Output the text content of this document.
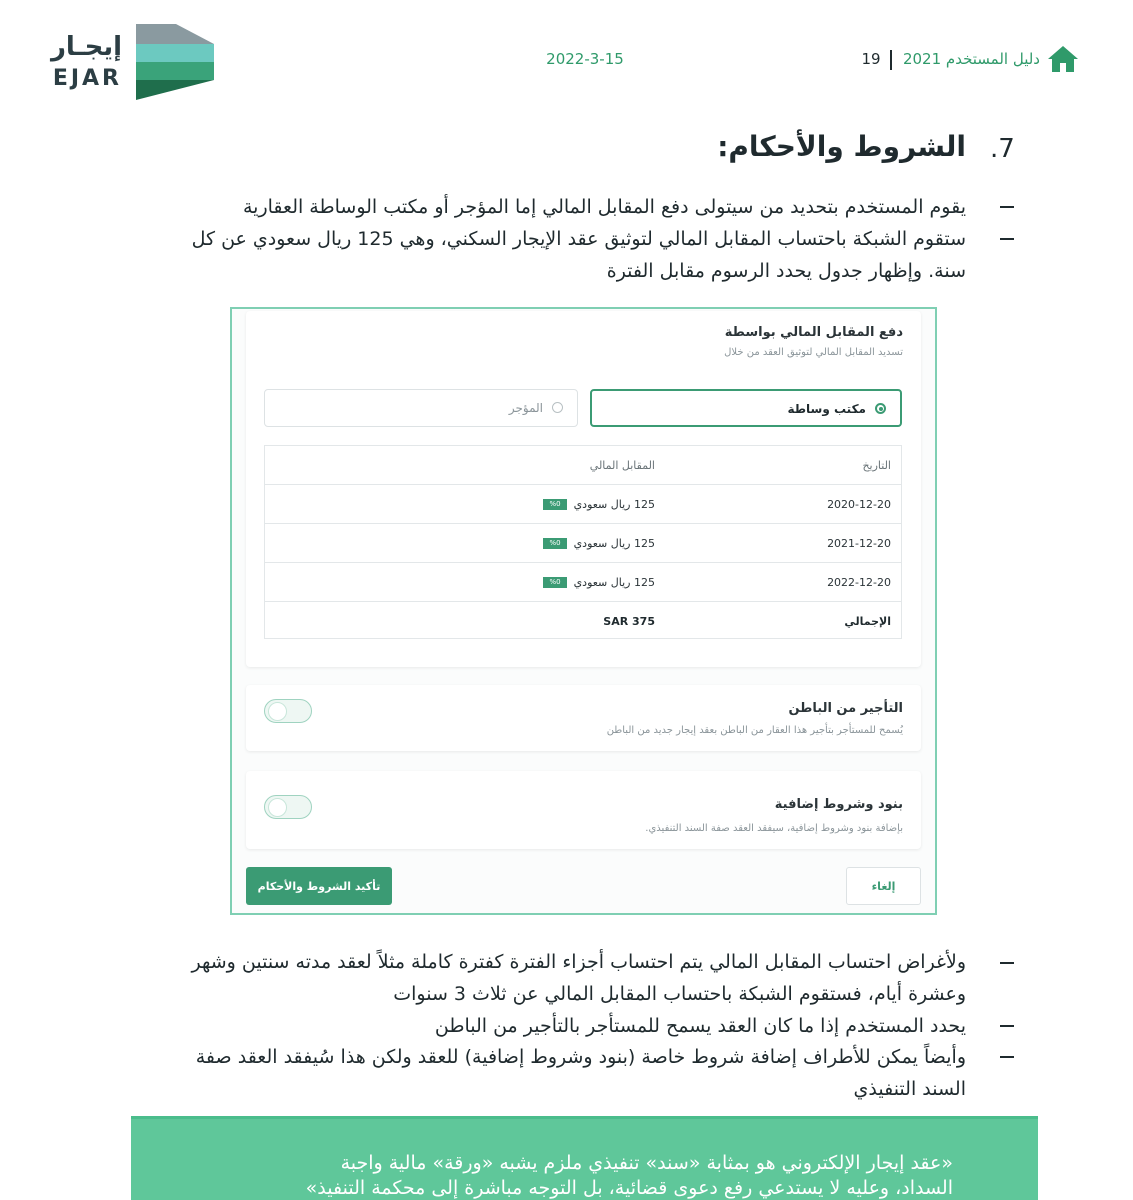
دليل المستخدم 2021
19
2022-3-15
إيجـار
EJAR
.7
الشروط والأحكام:
يقوم المستخدم بتحديد من سيتولى دفع المقابل المالي إما المؤجر أو مكتب الوساطة العقارية
ستقوم الشبكة باحتساب المقابل المالي لتوثيق عقد الإيجار السكني، وهي 125 ريال سعودي عن كل
سنة. وإظهار جدول يحدد الرسوم مقابل الفترة
دفع المقابل المالي بواسطة
تسديد المقابل المالي لتوثيق العقد من خلال
مكتب وساطة
المؤجر
التاريخ
المقابل المالي
2020-12-20
125 ريال سعودي
%0
2021-12-20
125 ريال سعودي
%0
2022-12-20
125 ريال سعودي
%0
الإجمالي
SAR 375
التأجير من الباطن
يُسمح للمستأجر بتأجير هذا العقار من الباطن بعقد إيجار جديد من الباطن
بنود وشروط إضافية
بإضافة بنود وشروط إضافية، سيفقد العقد صفة السند التنفيذي.
تأكيد الشروط والأحكام	إلغاء
ولأغراض احتساب المقابل المالي يتم احتساب أجزاء الفترة كفترة كاملة مثلاً لعقد مدته سنتين وشهر
وعشرة أيام، فستقوم الشبكة باحتساب المقابل المالي عن ثلاث 3 سنوات
يحدد المستخدم إذا ما كان العقد يسمح للمستأجر بالتأجير من الباطن
وأيضاً يمكن للأطراف إضافة شروط خاصة (بنود وشروط إضافية) للعقد ولكن هذا سُيفقد العقد صفة
السند التنفيذي
«عقد إيجار الإلكتروني هو بمثابة «سند» تنفيذي ملزم يشبه «ورقة» مالية واجبة
السداد، وعليه لا يستدعي رفع دعوى قضائية، بل التوجه مباشرة إلى محكمة التنفيذ»
